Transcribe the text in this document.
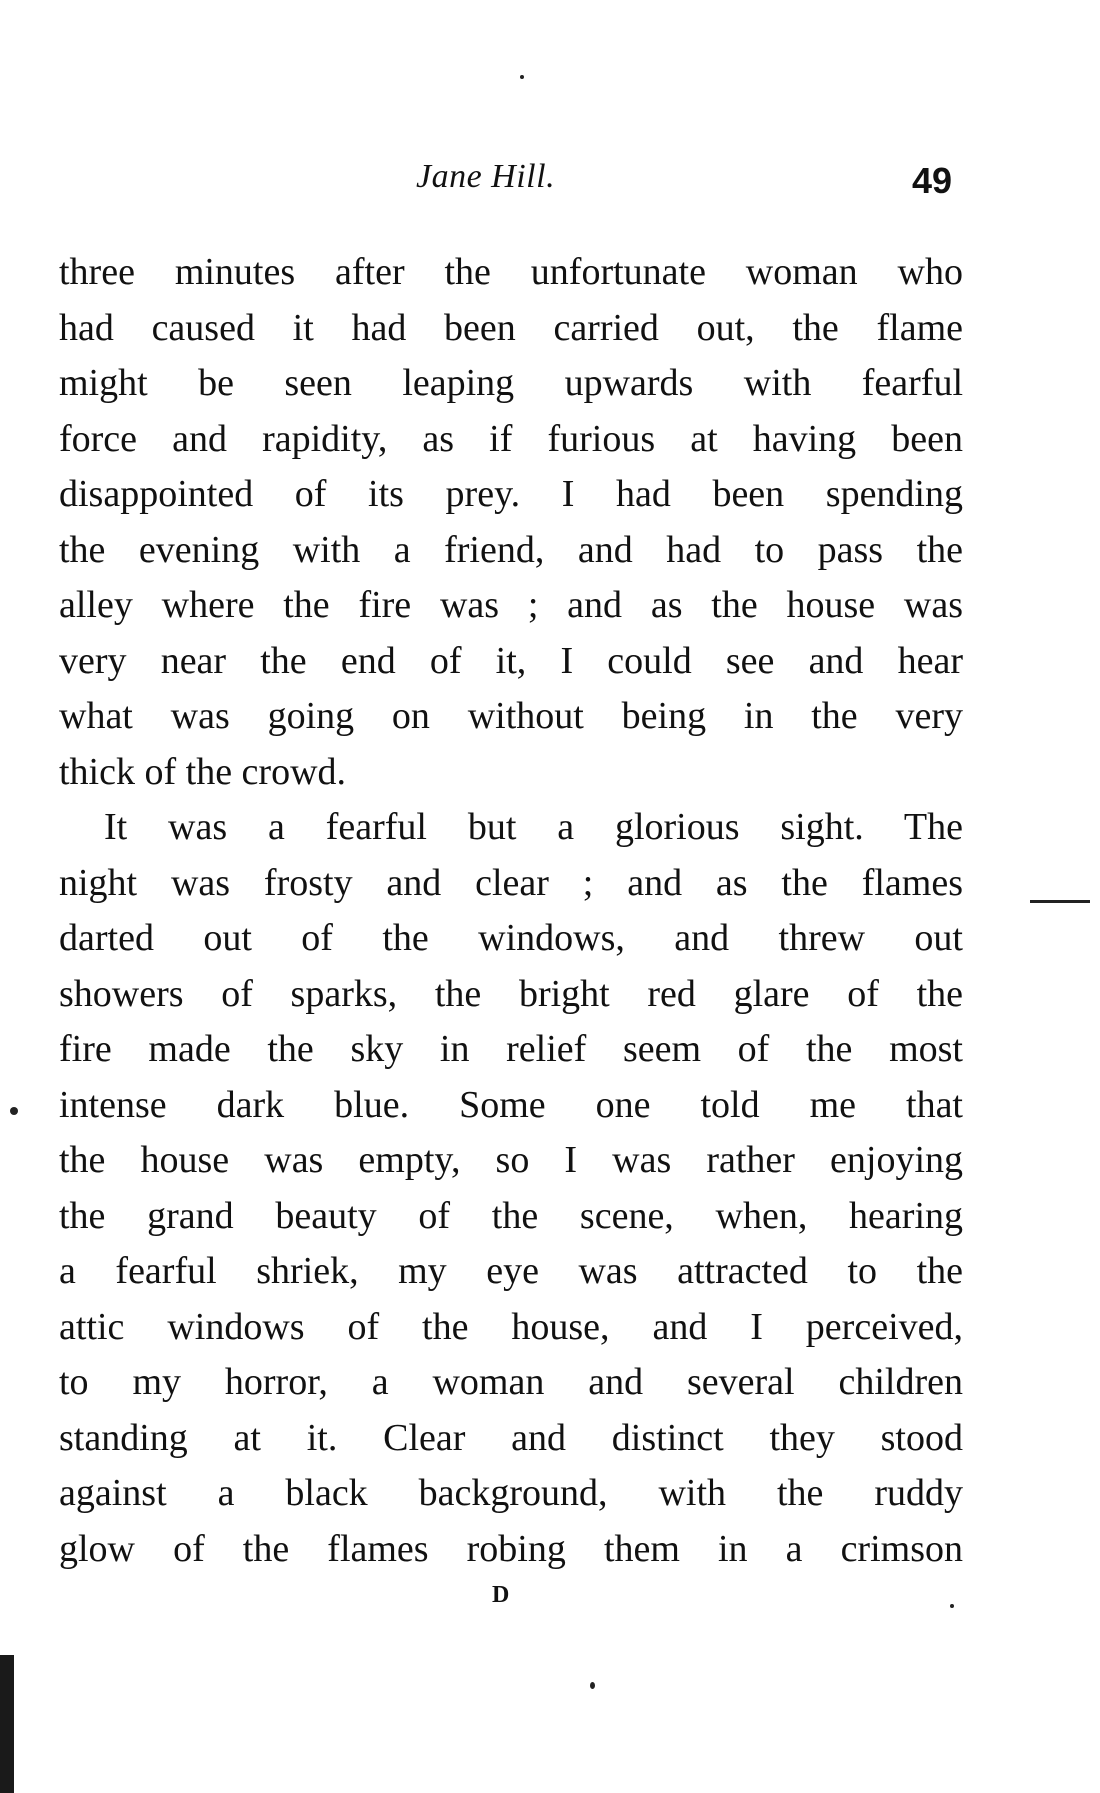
Jane Hill.	49
three minutes after the unfortunate woman who
had caused it had been carried out, the flame
might be seen leaping upwards with fearful
force and rapidity, as if furious at having been
disappointed of its prey. I had been spending
the evening with a friend, and had to pass the
alley where the fire was ; and as the house was
very near the end of it, I could see and hear
what was going on without being in the very
thick of the crowd.
It was a fearful but a glorious sight. The
night was frosty and clear ; and as the flames
darted out of the windows, and threw out
showers of sparks, the bright red glare of the
fire made the sky in relief seem of the most
intense dark blue. Some one told me that
the house was empty, so I was rather enjoying
the grand beauty of the scene, when, hearing
a fearful shriek, my eye was attracted to the
attic windows of the house, and I perceived,
to my horror, a woman and several children
standing at it. Clear and distinct they stood
against a black background, with the ruddy
glow of the flames robing them in a crimson
D
